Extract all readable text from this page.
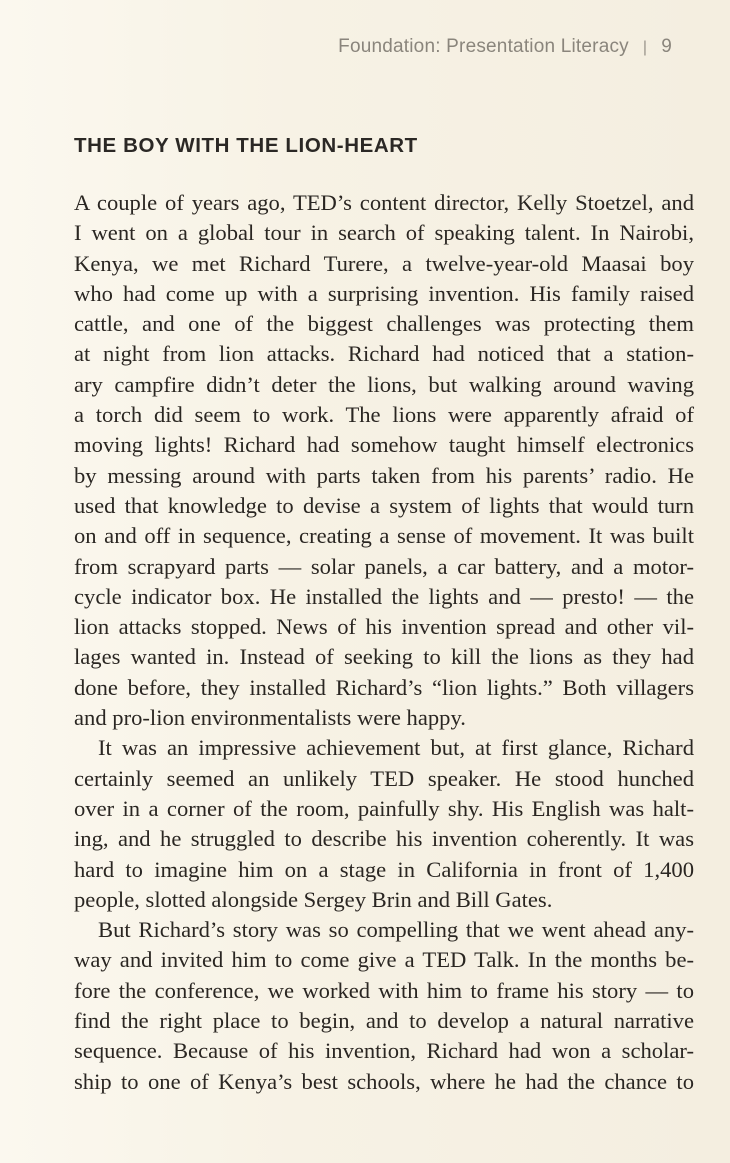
Foundation: Presentation Literacy | 9
THE BOY WITH THE LION-HEART
A couple of years ago, TED’s content director, Kelly Stoetzel, and
I went on a global tour in search of speaking talent. In Nairobi,
Kenya, we met Richard Turere, a twelve-year-old Maasai boy
who had come up with a surprising invention. His family raised
cattle, and one of the biggest challenges was protecting them
at night from lion attacks. Richard had noticed that a station-
ary campfire didn’t deter the lions, but walking around waving
a torch did seem to work. The lions were apparently afraid of
moving lights! Richard had somehow taught himself electronics
by messing around with parts taken from his parents’ radio. He
used that knowledge to devise a system of lights that would turn
on and off in sequence, creating a sense of movement. It was built
from scrapyard parts — solar panels, a car battery, and a motor-
cycle indicator box. He installed the lights and — presto! — the
lion attacks stopped. News of his invention spread and other vil-
lages wanted in. Instead of seeking to kill the lions as they had
done before, they installed Richard’s “lion lights.” Both villagers
and pro-lion environmentalists were happy.
It was an impressive achievement but, at first glance, Richard
certainly seemed an unlikely TED speaker. He stood hunched
over in a corner of the room, painfully shy. His English was halt-
ing, and he struggled to describe his invention coherently. It was
hard to imagine him on a stage in California in front of 1,400
people, slotted alongside Sergey Brin and Bill Gates.
But Richard’s story was so compelling that we went ahead any-
way and invited him to come give a TED Talk. In the months be-
fore the conference, we worked with him to frame his story — to
find the right place to begin, and to develop a natural narrative
sequence. Because of his invention, Richard had won a scholar-
ship to one of Kenya’s best schools, where he had the chance to
